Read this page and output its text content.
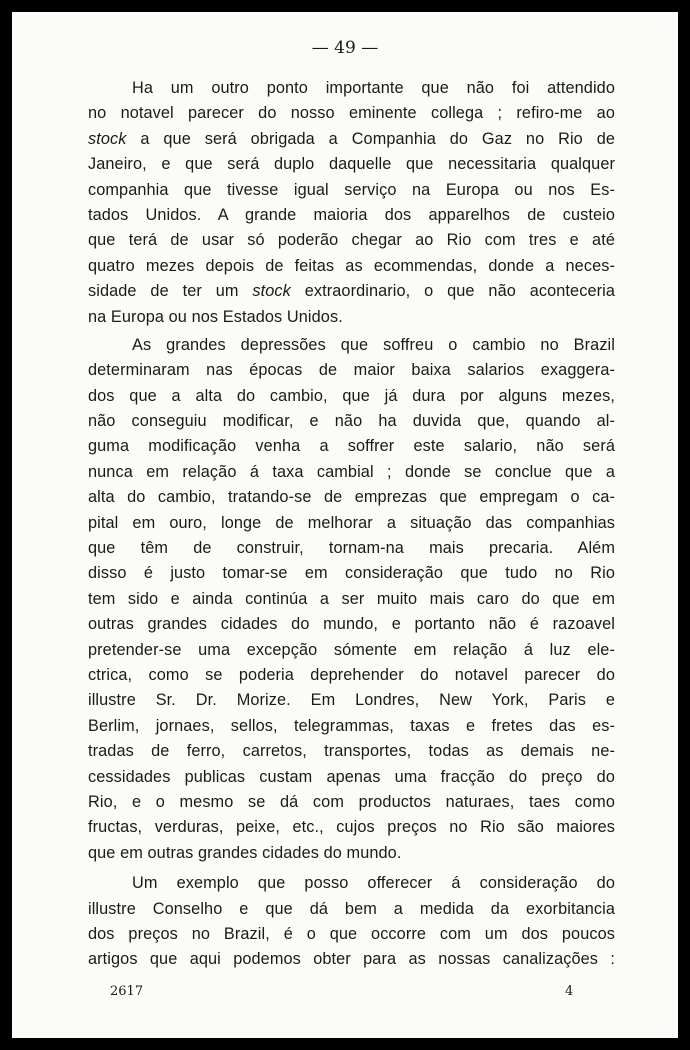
— 49 —
Ha um outro ponto importante que não foi attendido
no notavel parecer do nosso eminente collega ; refiro-me ao
stock a que será obrigada a Companhia do Gaz no Rio de
Janeiro, e que será duplo daquelle que necessitaria qualquer
companhia que tivesse igual serviço na Europa ou nos Es-
tados Unidos. A grande maioria dos apparelhos de custeio
que terá de usar só poderão chegar ao Rio com tres e até
quatro mezes depois de feitas as ecommendas, donde a neces-
sidade de ter um stock extraordinario, o que não aconteceria
na Europa ou nos Estados Unidos.
As grandes depressões que soffreu o cambio no Brazil
determinaram nas épocas de maior baixa salarios exaggera-
dos que a alta do cambio, que já dura por alguns mezes,
não conseguiu modificar, e não ha duvida que, quando al-
guma modificação venha a soffrer este salario, não será
nunca em relação á taxa cambial ; donde se conclue que a
alta do cambio, tratando-se de emprezas que empregam o ca-
pital em ouro, longe de melhorar a situação das companhias
que têm de construir, tornam-na mais precaria. Além
disso é justo tomar-se em consideração que tudo no Rio
tem sido e ainda continúa a ser muito mais caro do que em
outras grandes cidades do mundo, e portanto não é razoavel
pretender-se uma excepção sómente em relação á luz ele-
ctrica, como se poderia deprehender do notavel parecer do
illustre Sr. Dr. Morize. Em Londres, New York, Paris e
Berlim, jornaes, sellos, telegrammas, taxas e fretes das es-
tradas de ferro, carretos, transportes, todas as demais ne-
cessidades publicas custam apenas uma fracção do preço do
Rio, e o mesmo se dá com productos naturaes, taes como
fructas, verduras, peixe, etc., cujos preços no Rio são maiores
que em outras grandes cidades do mundo.
Um exemplo que posso offerecer á consideração do
illustre Conselho e que dá bem a medida da exorbitancia
dos preços no Brazil, é o que occorre com um dos poucos
artigos que aqui podemos obter para as nossas canalizações :
2617	4
